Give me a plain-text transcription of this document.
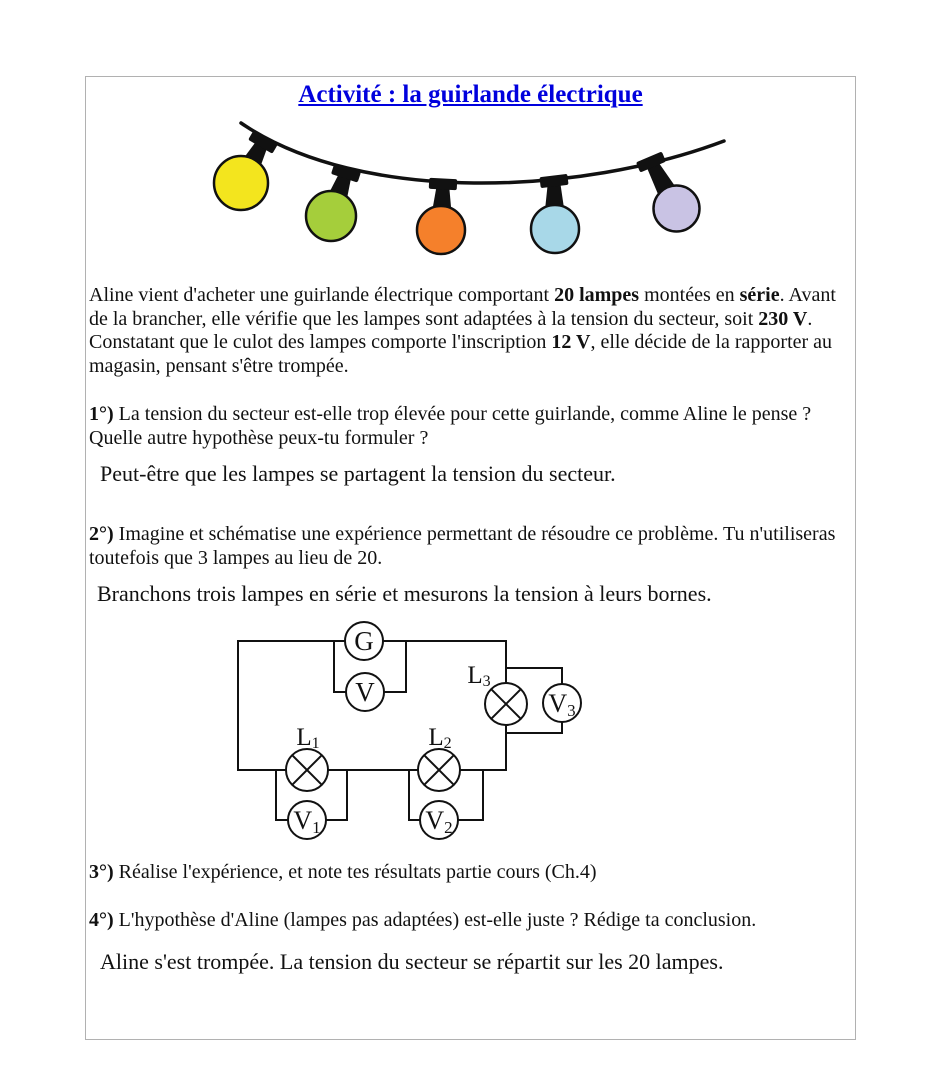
Activité : la guirlande électrique
G
V
V1	V2
V3
L1	L2
L3
Aline vient d'acheter une guirlande électrique comportant 20 lampes montées en série. Avant de la brancher, elle vérifie que les lampes sont adaptées à la tension du secteur, soit 230 V. Constatant que le culot des lampes comporte l'inscription 12 V, elle décide de la rapporter au magasin, pensant s'être trompée.
1°) La tension du secteur est-elle trop élevée pour cette guirlande, comme Aline le pense ? Quelle autre hypothèse peux-tu formuler ?
Peut-être que les lampes se partagent la tension du secteur.
2°) Imagine et schématise une expérience permettant de résoudre ce problème. Tu n'utiliseras toutefois que 3 lampes au lieu de 20.
Branchons trois lampes en série et mesurons la tension à leurs bornes.
3°) Réalise l'expérience, et note tes résultats partie cours (Ch.4)
4°) L'hypothèse d'Aline (lampes pas adaptées) est-elle juste ? Rédige ta conclusion.
Aline s'est trompée. La tension du secteur se répartit sur les 20 lampes.
